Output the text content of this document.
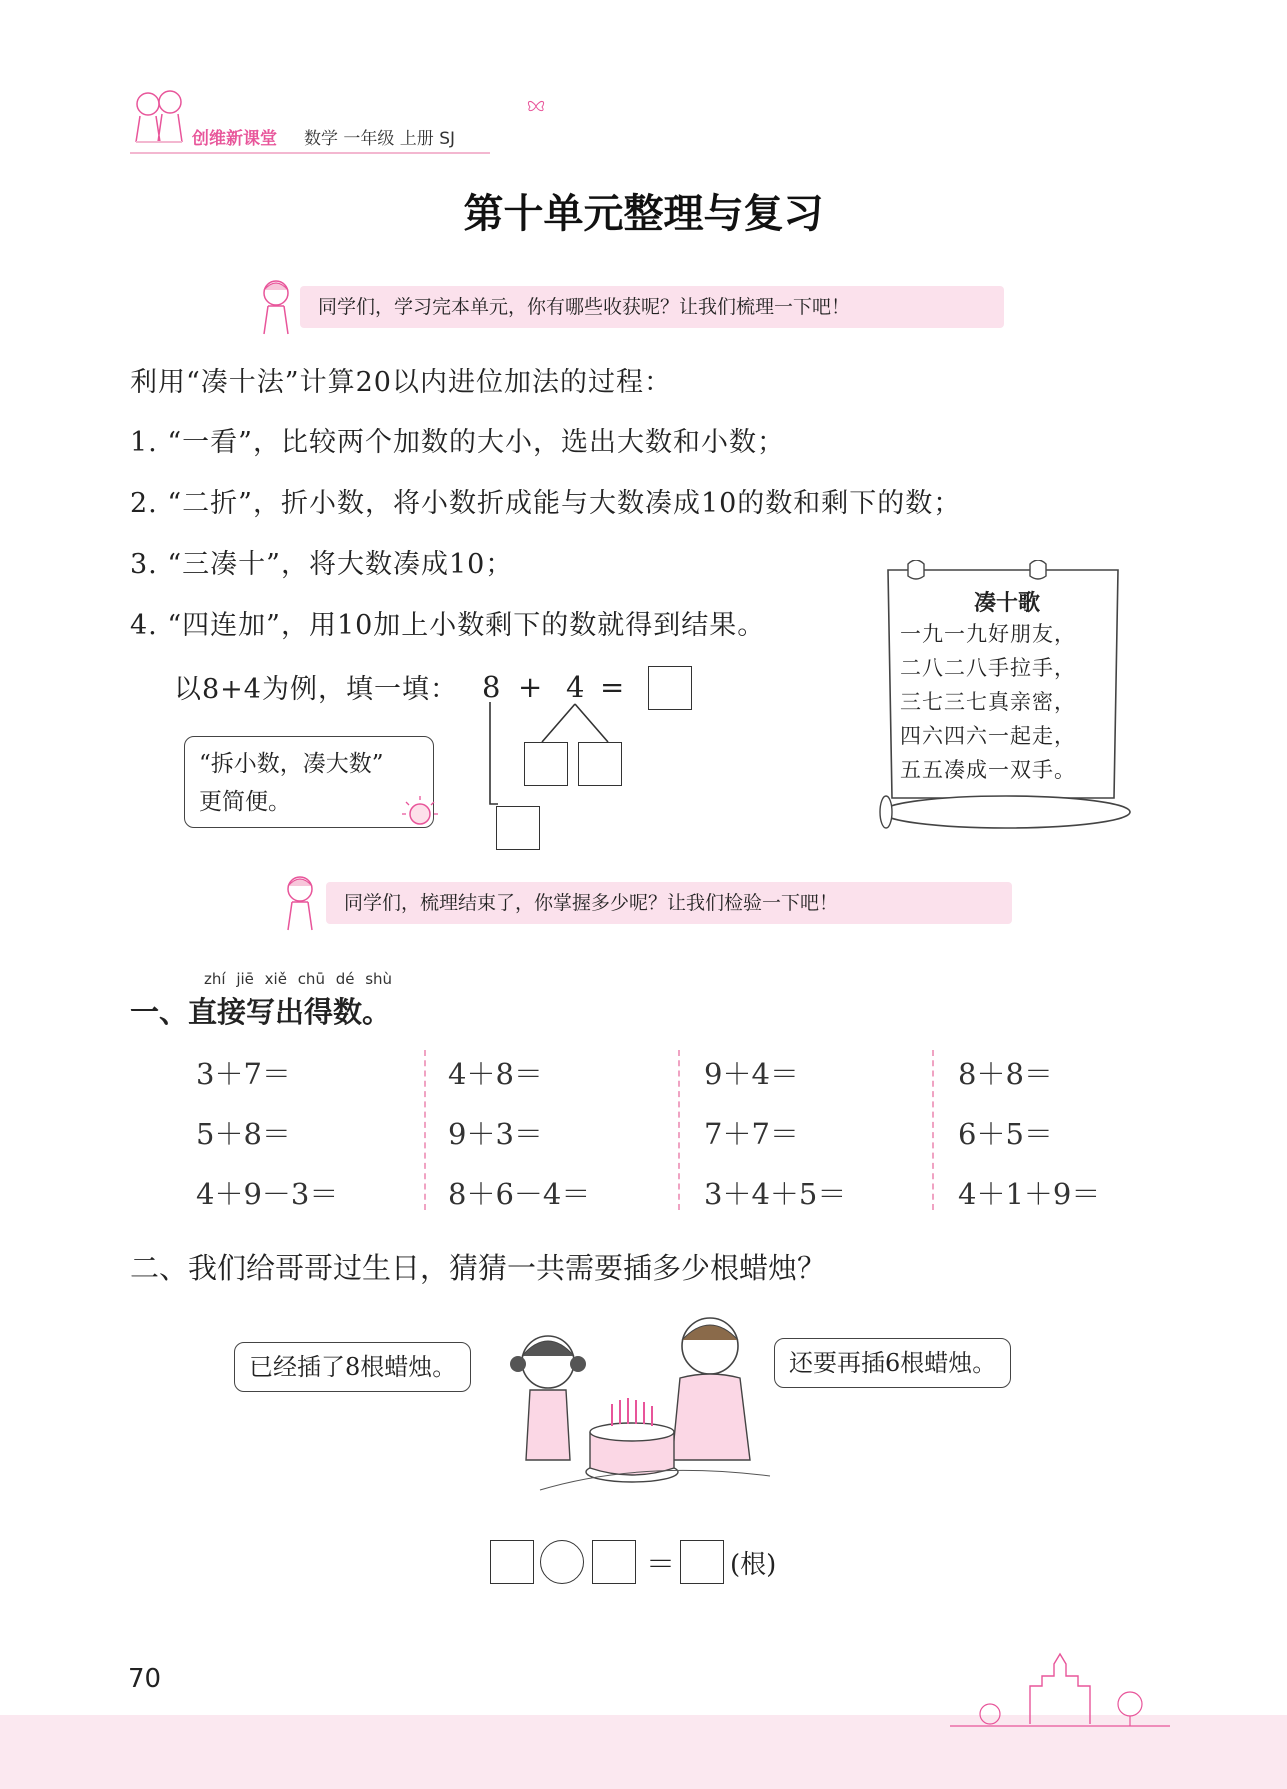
创维新课堂 数学 一年级 上册 SJ
第十单元整理与复习
同学们，学习完本单元，你有哪些收获呢？让我们梳理一下吧！
利用“凑十法”计算20以内进位加法的过程：
1. “一看”，比较两个加数的大小，选出大数和小数；
2. “二折”，折小数，将小数折成能与大数凑成10的数和剩下的数；
3. “三凑十”，将大数凑成10；
4. “四连加”，用10加上小数剩下的数就得到结果。
以8+4为例，填一填： 8 + 4 =
“拆小数，凑大数”
更简便。
凑十歌
一九一九好朋友，
二八二八手拉手，
三七三七真亲密，
四六四六一起走，
五五凑成一双手。
同学们，梳理结束了，你掌握多少呢？让我们检验一下吧！
zhí jiē xiě chū dé shù
一、直接写出得数。
3＋7＝
5＋8＝
4＋9－3＝
4＋8＝
9＋3＝
8＋6－4＝
9＋4＝
7＋7＝
3＋4＋5＝
8＋8＝
6＋5＝
4＋1＋9＝
二、我们给哥哥过生日，猜猜一共需要插多少根蜡烛？
已经插了8根蜡烛。	还要再插6根蜡烛。
＝ (根)
70
